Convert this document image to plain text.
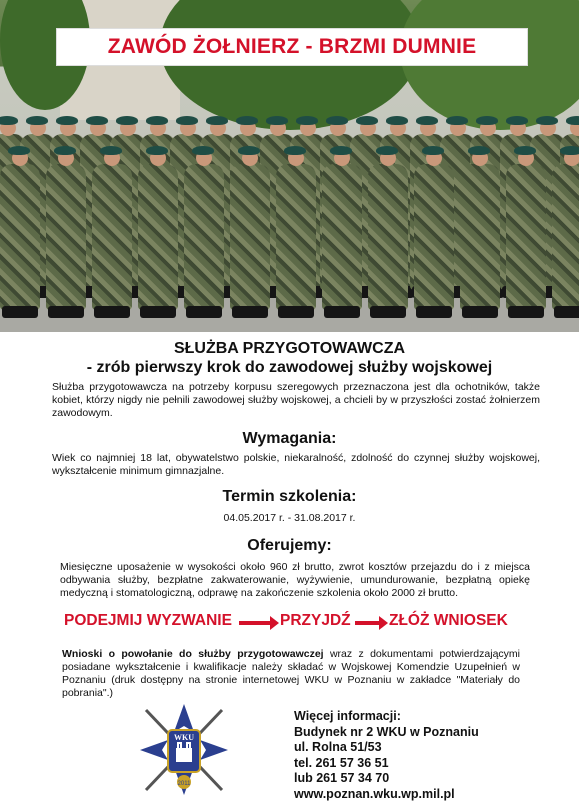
ZAWÓD ŻOŁNIERZ - BRZMI DUMNIE
SŁUŻBA PRZYGOTOWAWCZA
- zrób pierwszy krok do zawodowej służby wojskowej
Służba przygotowawcza na potrzeby korpusu szeregowych przeznaczona jest dla ochotników, także kobiet, którzy nigdy nie pełnili zawodowej służby wojskowej, a chcieli by w przyszłości zostać żołnierzem zawodowym.
Wymagania:
Wiek co najmniej 18 lat, obywatelstwo polskie, niekaralność, zdolność do czynnej służby wojskowej, wykształcenie minimum gimnazjalne.
Termin szkolenia:
04.05.2017 r. - 31.08.2017 r.
Oferujemy:
Miesięczne uposażenie w wysokości około 960 zł brutto, zwrot kosztów przejazdu do i z miejsca odbywania służby, bezpłatne zakwaterowanie, wyżywienie, umundurowanie, bezpłatną opiekę medyczną i stomatologiczną, odprawę na zakończenie szkolenia około 2000 zł brutto.
PODEJMIJ WYZWANIE	PRZYJDŹ ZŁÓŻ WNIOSEK
Wnioski o powołanie do służby przygotowawczej wraz z dokumentami potwierdzającymi posiadane wykształcenie i kwalifikacje należy składać w Wojskowej Komendzie Uzupełnień w Poznaniu (druk dostępny na stronie internetowej WKU w Poznaniu w zakładce "Materiały do pobrania".)
WKU
2011
Więcej informacji:
Budynek nr 2 WKU w Poznaniu
ul. Rolna 51/53
tel. 261 57 36 51
lub 261 57 34 70
www.poznan.wku.wp.mil.pl
